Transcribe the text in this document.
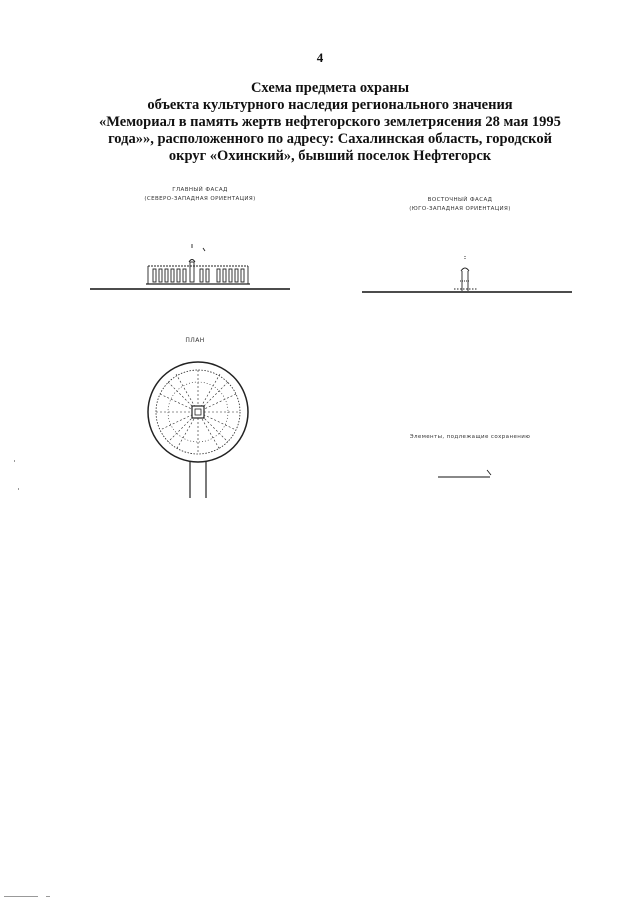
4
Схема предмета охраны
объекта культурного наследия регионального значения
«Мемориал в память жертв нефтегорского землетрясения 28 мая 1995
года»», расположенного по адресу: Сахалинская область, городской
округ «Охинский», бывший поселок Нефтегорск
ГЛАВНЫЙ ФАСАД
(СЕВЕРО-ЗАПАДНАЯ ОРИЕНТАЦИЯ)	ВОСТОЧНЫЙ ФАСАД
(ЮГО-ЗАПАДНАЯ ОРИЕНТАЦИЯ)
ПЛАН
Элементы, подлежащие сохранению
